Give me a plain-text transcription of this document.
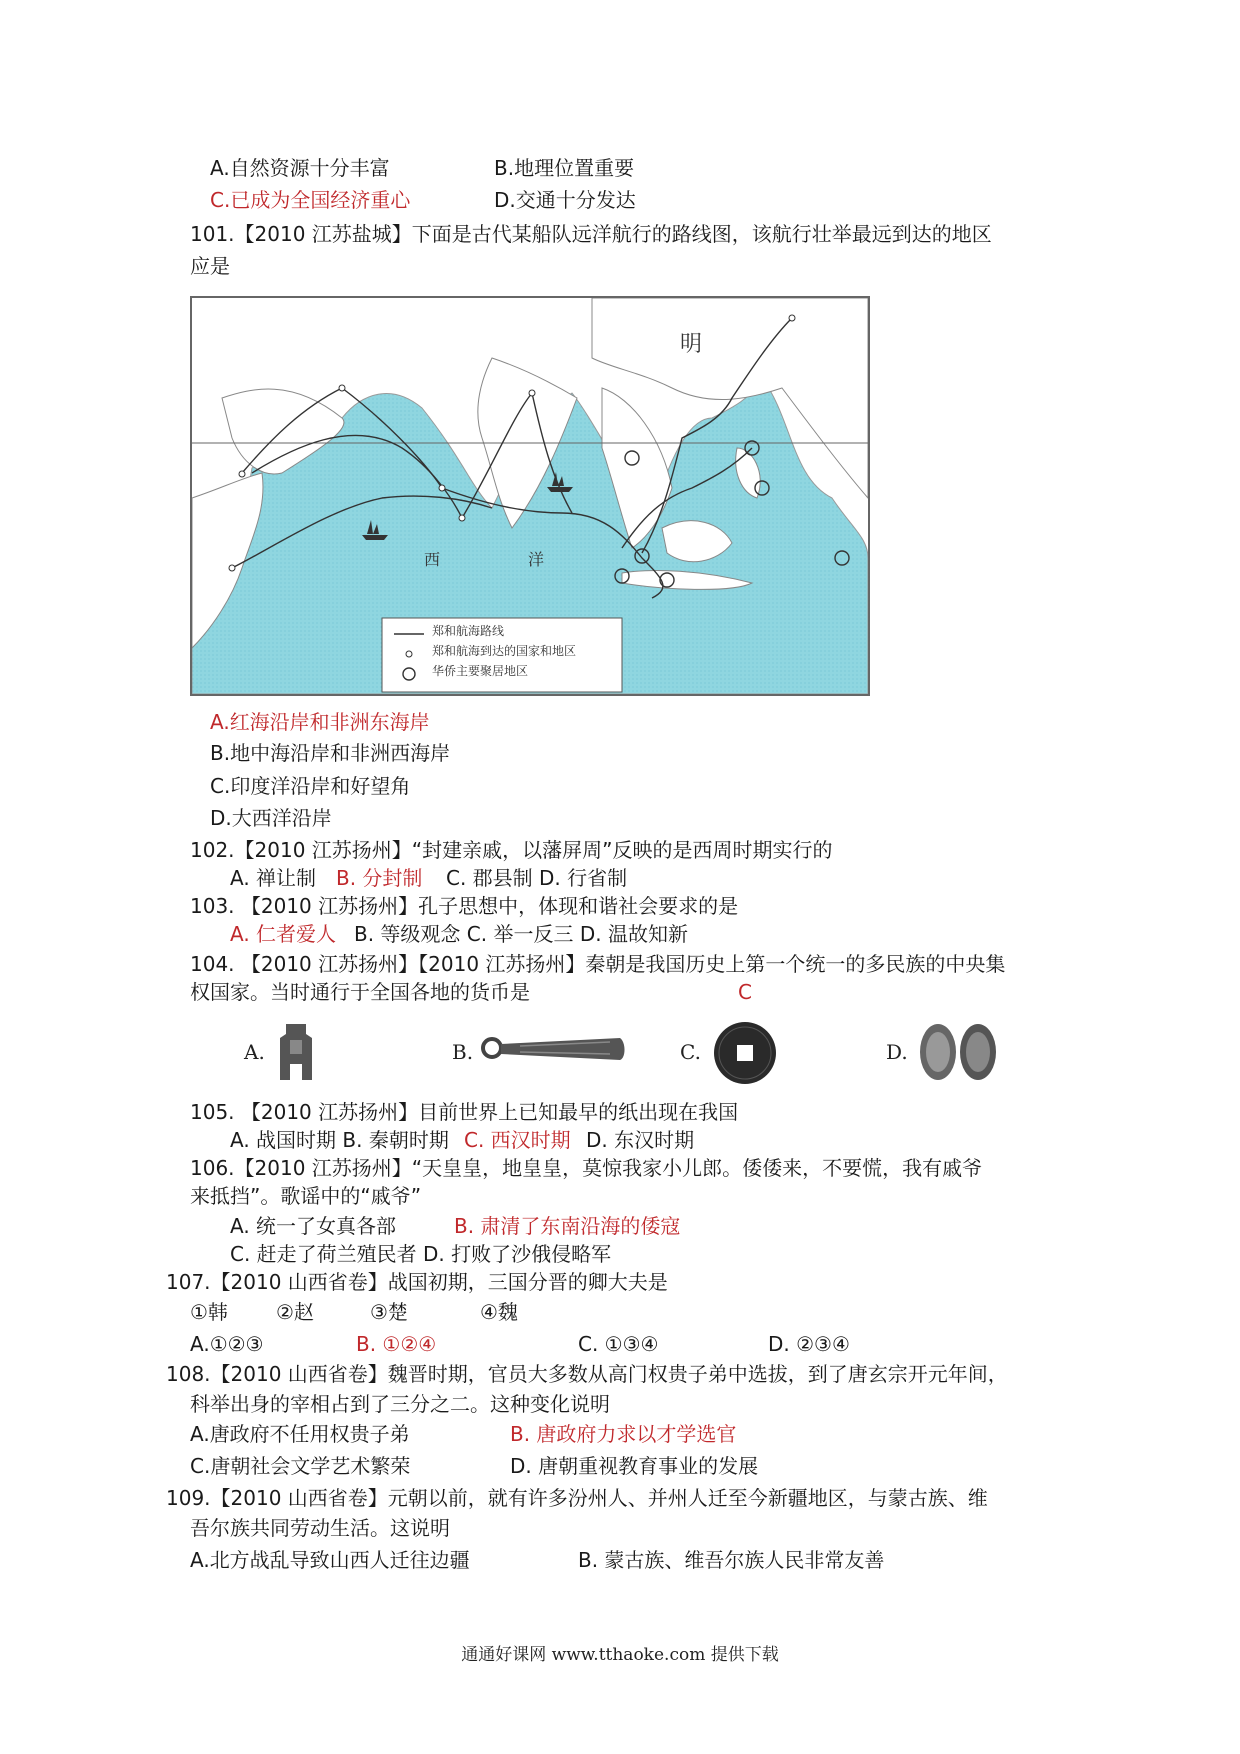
A.自然资源十分丰富	B.地理位置重要
C.已成为全国经济重心	D.交通十分发达
101.【2010 江苏盐城】下面是古代某船队远洋航行的路线图，该航行壮举最远到达的地区
应是
明
西	洋
郑和航海路线
郑和航海到达的国家和地区
华侨主要聚居地区
A.红海沿岸和非洲东海岸
B.地中海沿岸和非洲西海岸
C.印度洋沿岸和好望角
D.大西洋沿岸
102.【2010 江苏扬州】“封建亲戚，以藩屏周”反映的是西周时期实行的
A. 禅让制 B. 分封制 C. 郡县制 D. 行省制
103. 【2010 江苏扬州】孔子思想中，体现和谐社会要求的是
A. 仁者爱人 B. 等级观念 C. 举一反三 D. 温故知新
104. 【2010 江苏扬州】【2010 江苏扬州】秦朝是我国历史上第一个统一的多民族的中央集
权国家。当时通行于全国各地的货币是	C
A.	B.	C.	D.
105. 【2010 江苏扬州】目前世界上已知最早的纸出现在我国
A. 战国时期 B. 秦朝时期 C. 西汉时期 D. 东汉时期
106.【2010 江苏扬州】“天皇皇，地皇皇，莫惊我家小儿郎。倭倭来，不要慌，我有戚爷
来抵挡”。歌谣中的“戚爷”
A. 统一了女真各部	B. 肃清了东南沿海的倭寇
C. 赶走了荷兰殖民者 D. 打败了沙俄侵略军
107.【2010 山西省卷】战国初期，三国分晋的卿大夫是
①韩 ②赵	③楚	④魏
A.①②③	B. ①②④	C. ①③④	D. ②③④
108.【2010 山西省卷】魏晋时期，官员大多数从高门权贵子弟中选拔，到了唐玄宗开元年间，
科举出身的宰相占到了三分之二。这种变化说明
A.唐政府不任用权贵子弟	B. 唐政府力求以才学选官
C.唐朝社会文学艺术繁荣	D. 唐朝重视教育事业的发展
109.【2010 山西省卷】元朝以前，就有许多汾州人、并州人迁至今新疆地区，与蒙古族、维
吾尔族共同劳动生活。这说明
A.北方战乱导致山西人迁往边疆	B. 蒙古族、维吾尔族人民非常友善
通通好课网 www.tthaoke.com 提供下载
